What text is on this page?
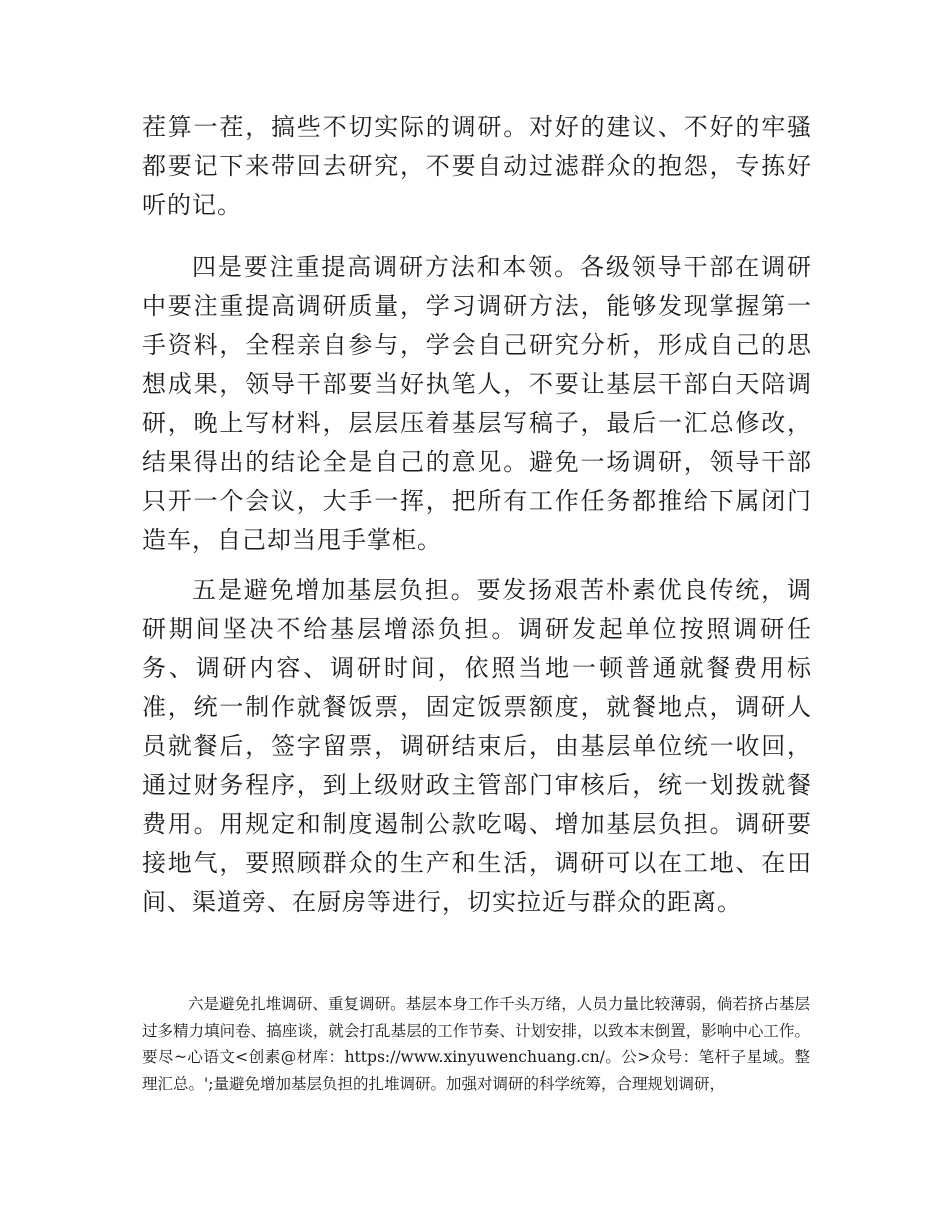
茬算一茬，搞些不切实际的调研。对好的建议、不好的牢骚都要记下来带回去研究，不要自动过滤群众的抱怨，专拣好听的记。

四是要注重提高调研方法和本领。各级领导干部在调研中要注重提高调研质量，学习调研方法，能够发现掌握第一手资料，全程亲自参与，学会自己研究分析，形成自己的思想成果，领导干部要当好执笔人，不要让基层干部白天陪调研，晚上写材料，层层压着基层写稿子，最后一汇总修改，结果得出的结论全是自己的意见。避免一场调研，领导干部只开一个会议，大手一挥，把所有工作任务都推给下属闭门造车，自己却当甩手掌柜。

五是避免增加基层负担。要发扬艰苦朴素优良传统，调研期间坚决不给基层增添负担。调研发起单位按照调研任务、调研内容、调研时间，依照当地一顿普通就餐费用标准，统一制作就餐饭票，固定饭票额度，就餐地点，调研人员就餐后，签字留票，调研结束后，由基层单位统一收回，通过财务程序，到上级财政主管部门审核后，统一划拨就餐费用。用规定和制度遏制公款吃喝、增加基层负担。调研要接地气，要照顾群众的生产和生活，调研可以在工地、在田间、渠道旁、在厨房等进行，切实拉近与群众的距离。

六是避免扎堆调研、重复调研。基层本身工作千头万绪，人员力量比较薄弱，倘若挤占基层过多精力填问卷、搞座谈，就会打乱基层的工作节奏、计划安排，以致本末倒置，影响中心工作。要尽~心语文<创素@材库：https://www.xinyuwenchuang.cn/。公>众号：笔杆子星域。整理汇总。';量避免增加基层负担的扎堆调研。加强对调研的科学统筹，合理规划调研，
